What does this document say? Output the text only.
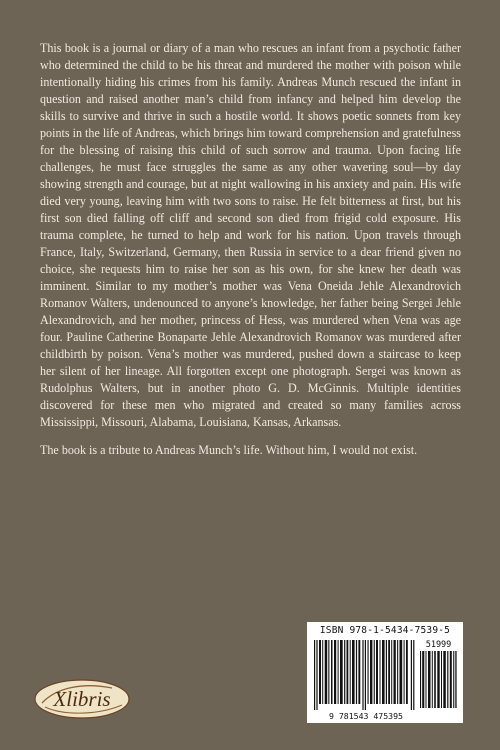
This book is a journal or diary of a man who rescues an infant from a psychotic father who determined the child to be his threat and murdered the mother with poison while intentionally hiding his crimes from his family. Andreas Munch rescued the infant in question and raised another man’s child from infancy and helped him develop the skills to survive and thrive in such a hostile world. It shows poetic sonnets from key points in the life of Andreas, which brings him toward comprehension and gratefulness for the blessing of raising this child of such sorrow and trauma. Upon facing life challenges, he must face struggles the same as any other wavering soul—by day showing strength and courage, but at night wallowing in his anxiety and pain. His wife died very young, leaving him with two sons to raise. He felt bitterness at first, but his first son died falling off cliff and second son died from frigid cold exposure. His trauma complete, he turned to help and work for his nation. Upon travels through France, Italy, Switzerland, Germany, then Russia in service to a dear friend given no choice, she requests him to raise her son as his own, for she knew her death was imminent. Similar to my mother’s mother was Vena Oneida Jehle Alexandrovich Romanov Walters, undenounced to anyone’s knowledge, her father being Sergei Jehle Alexandrovich, and her mother, princess of Hess, was murdered when Vena was age four. Pauline Catherine Bonaparte Jehle Alexandrovich Romanov was murdered after childbirth by poison. Vena’s mother was murdered, pushed down a staircase to keep her silent of her lineage. All forgotten except one photograph. Sergei was known as Rudolphus Walters, but in another photo G. D. McGinnis. Multiple identities discovered for these men who migrated and created so many families across Mississippi, Missouri, Alabama, Louisiana, Kansas, Arkansas.

The book is a tribute to Andreas Munch’s life. Without him, I would not exist.

Xlibris
ISBN 978-1-5434-7539-5
51999
9 781543 475395
